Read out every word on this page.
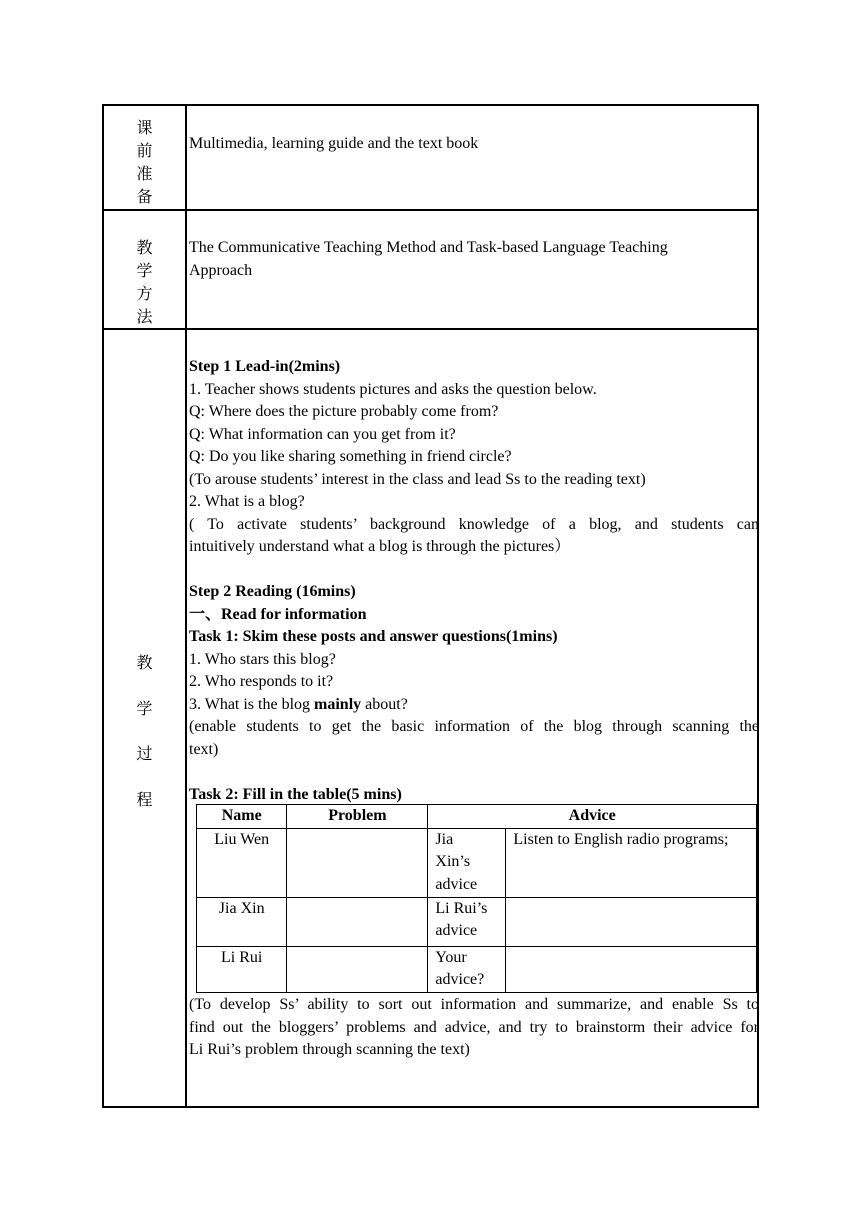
课
前
准
备
Multimedia, learning guide and the text book
教
学
方
法
The Communicative Teaching Method and Task-based Language Teaching
Approach
教
学
过
程
Step 1 Lead-in(2mins)
1. Teacher shows students pictures and asks the question below.
Q: Where does the picture probably come from?
Q: What information can you get from it?
Q: Do you like sharing something in friend circle?
(To arouse students’ interest in the class and lead Ss to the reading text)
2. What is a blog?
( To activate students’ background knowledge of a blog, and students can
intuitively understand what a blog is through the pictures）

Step 2 Reading (16mins)
一、Read for information
Task 1: Skim these posts and answer questions(1mins)
1. Who stars this blog?
2. Who responds to it?
3. What is the blog mainly about?
(enable students to get the basic information of the blog through scanning the
text)

Task 2: Fill in the table(5 mins)
Name	Problem	Advice	
Liu Wen		Jia
Xin’s
advice	Listen to English radio programs;
Jia Xin		Li Rui’s
advice	

Li Rui		Your
advice?	

(To develop Ss’ ability to sort out information and summarize, and enable Ss to
find out the bloggers’ problems and advice, and try to brainstorm their advice for
Li Rui’s problem through scanning the text)
